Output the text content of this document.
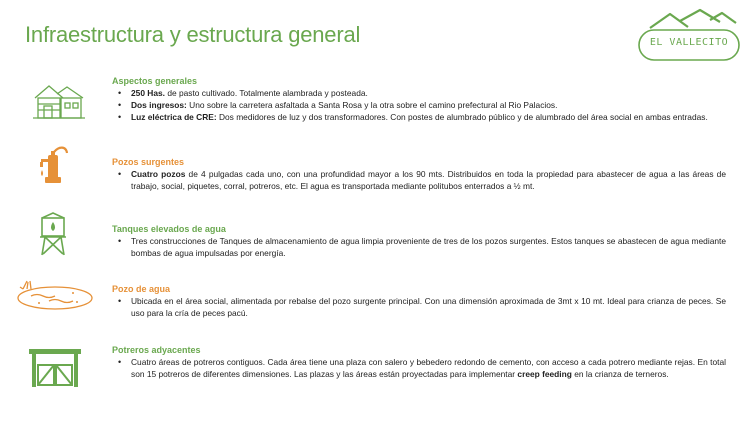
Infraestructura y estructura general	EL VALLECITO

Aspectos generales

• 250 Has. de pasto cultivado. Totalmente alambrada y posteada.
• Dos ingresos: Uno sobre la carretera asfaltada a Santa Rosa y la otra sobre el camino prefectural al Rio Palacios.
• Luz eléctrica de CRE: Dos medidores de luz y dos transformadores. Con postes de alumbrado público y de alumbrado del área social en ambas entradas.

Pozos surgentes

• Cuatro pozos de 4 pulgadas cada uno, con una profundidad mayor a los 90 mts. Distribuidos en toda la propiedad para abastecer de agua a las áreas de trabajo, social, piquetes, corral, potreros, etc. El agua es transportada mediante politubos enterrados a ½ mt.

Tanques elevados de agua

• Tres construcciones de Tanques de almacenamiento de agua limpia proveniente de tres de los pozos surgentes. Estos tanques se abastecen de agua mediante bombas de agua impulsadas por energía.

Pozo de agua

• Ubicada en el área social, alimentada por rebalse del pozo surgente principal. Con una dimensión aproximada de 3mt x 10 mt. Ideal para crianza de peces. Se uso para la cría de peces pacú.

Potreros adyacentes

• Cuatro áreas de potreros contiguos. Cada área tiene una plaza con salero y bebedero redondo de cemento, con acceso a cada potrero mediante rejas. En total son 15 potreros de diferentes dimensiones. Las plazas y las áreas están proyectadas para implementar creep feeding en la crianza de terneros.
